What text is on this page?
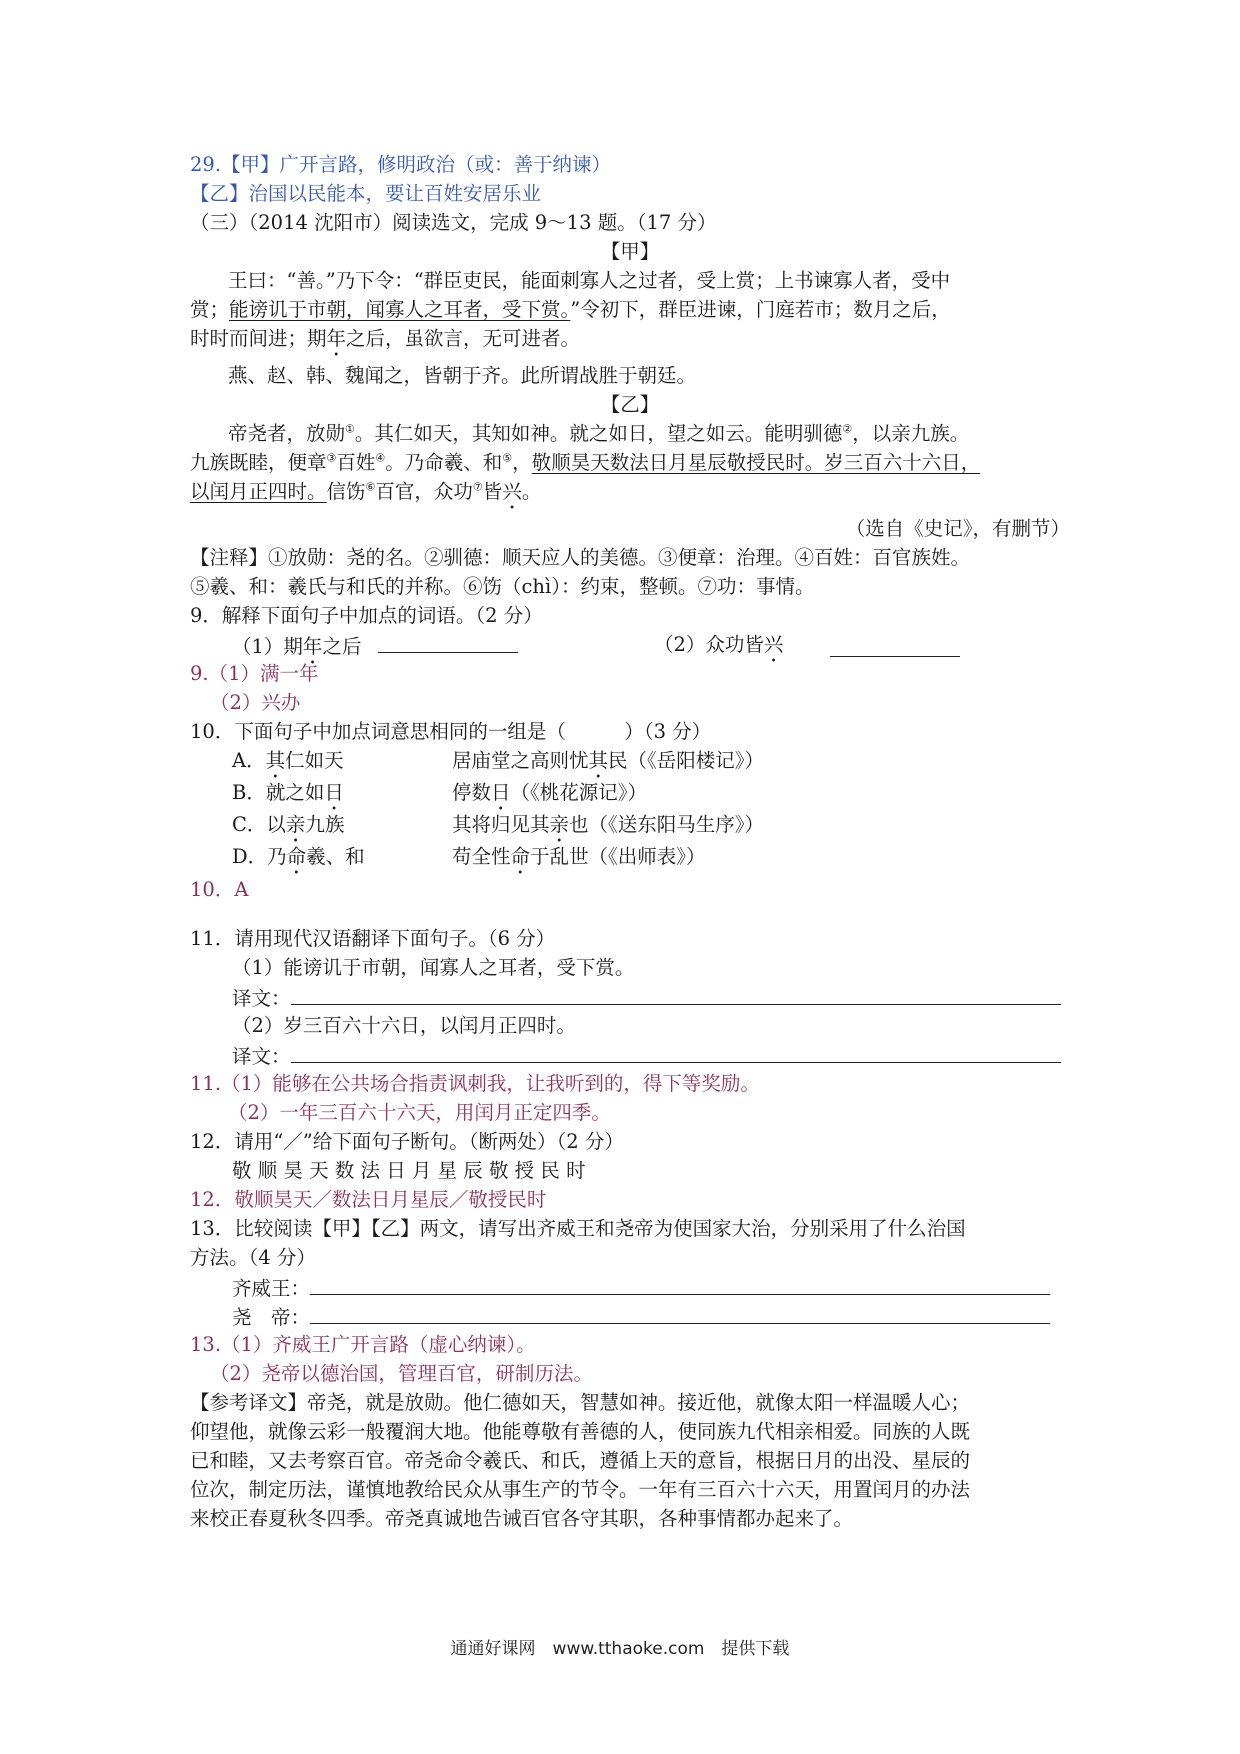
29.【甲】广开言路，修明政治（或：善于纳谏）
【乙】治国以民能本，要让百姓安居乐业
（三）（2014 沈阳市）阅读选文，完成 9～13 题。（17 分）
【甲】
王曰：“善。”乃下令：“群臣吏民，能面刺寡人之过者，受上赏；上书谏寡人者，受中
赏；能谤讥于市朝，闻寡人之耳者，受下赏。”令初下，群臣进谏，门庭若市；数月之后，
时时而间进；期年之后，虽欲言，无可进者。
燕、赵、韩、魏闻之，皆朝于齐。此所谓战胜于朝廷。
【乙】
帝尧者，放勋①。其仁如天，其知如神。就之如日，望之如云。能明驯德②，以亲九族。
九族既睦，便章③百姓④。乃命羲、和⑤，敬顺昊天数法日月星辰敬授民时。岁三百六十六日，
以闰月正四时。信饬⑥百官，众功⑦皆兴。
（选自《史记》，有删节）
【注释】①放勋：尧的名。②驯德：顺天应人的美德。③便章：治理。④百姓：百官族姓。
⑤羲、和：羲氏与和氏的并称。⑥饬（chì）：约束，整顿。⑦功：事情。
9．解释下面句子中加点的词语。（2 分）
（1）期年之后	（2）众功皆兴
9.（1）满一年
（2）兴办
10．下面句子中加点词意思相同的一组是（　　　）（3 分）
A．其仁如天	居庙堂之高则忧其民（《岳阳楼记》）
B．就之如日	停数日（《桃花源记》）
C．以亲九族	其将归见其亲也（《送东阳马生序》）
D．乃命羲、和	苟全性命于乱世（《出师表》）
10．A
11．请用现代汉语翻译下面句子。（6 分）
（1）能谤讥于市朝，闻寡人之耳者，受下赏。
译文：
（2）岁三百六十六日，以闰月正四时。
译文：
11.（1）能够在公共场合指责讽刺我，让我听到的，得下等奖励。
（2）一年三百六十六天，用闰月正定四季。
12．请用“／”给下面句子断句。（断两处）（2 分）
敬 顺 昊 天 数 法 日 月 星 辰 敬 授 民 时
12．敬顺昊天／数法日月星辰／敬授民时
13．比较阅读【甲】【乙】两文，请写出齐威王和尧帝为使国家大治，分别采用了什么治国
方法。（4 分）
齐威王：
尧　帝：
13.（1）齐威王广开言路（虚心纳谏）。
（2）尧帝以德治国，管理百官，研制历法。
【参考译文】帝尧，就是放勋。他仁德如天，智慧如神。接近他，就像太阳一样温暖人心；
仰望他，就像云彩一般覆润大地。他能尊敬有善德的人，使同族九代相亲相爱。同族的人既
已和睦，又去考察百官。帝尧命令羲氏、和氏，遵循上天的意旨，根据日月的出没、星辰的
位次，制定历法，谨慎地教给民众从事生产的节令。一年有三百六十六天，用置闰月的办法
来校正春夏秋冬四季。帝尧真诚地告诫百官各守其职，各种事情都办起来了。
通通好课网　www.tthaoke.com　提供下载
